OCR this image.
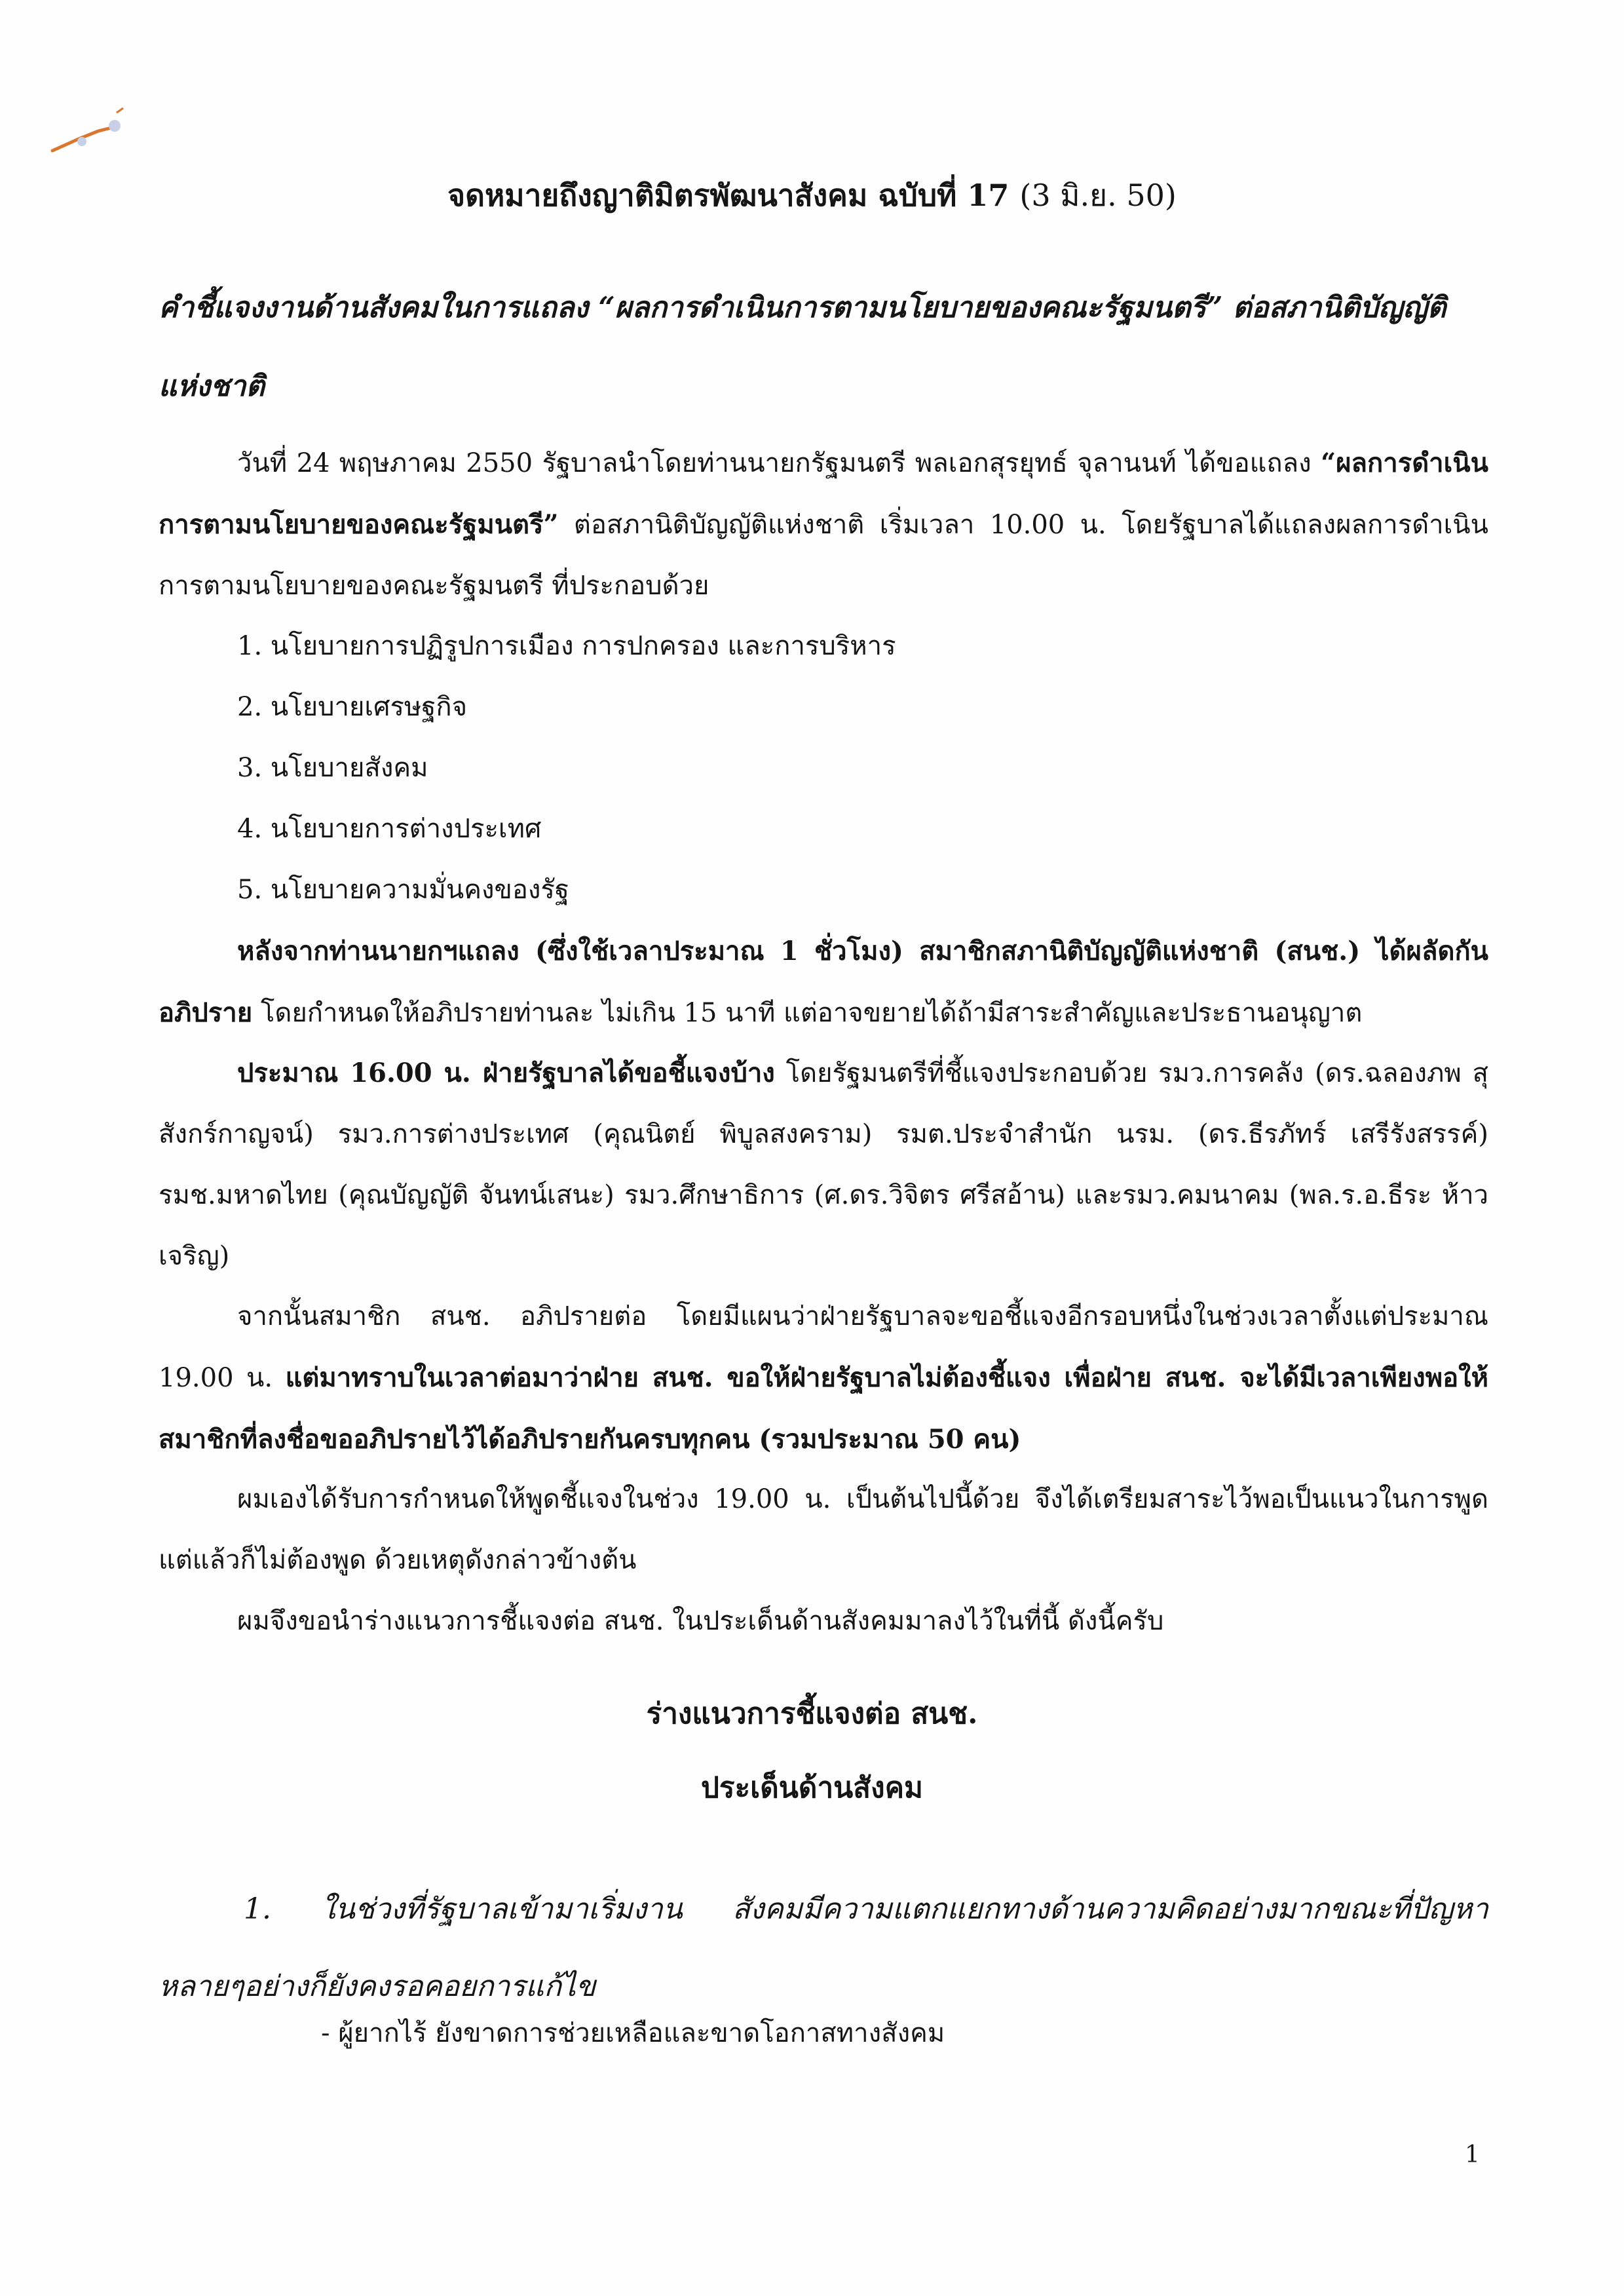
จดหมายถึงญาติมิตรพัฒนาสังคม ฉบับที่ 17 (3 มิ.ย. 50)
คำชี้แจงงานด้านสังคมในการแถลง “ผลการดำเนินการตามนโยบายของคณะรัฐมนตรี” ต่อสภานิติบัญญัติแห่งชาติ
วันที่ 24 พฤษภาคม 2550 รัฐบาลนำโดยท่านนายกรัฐมนตรี พลเอกสุรยุทธ์ จุลานนท์ ได้ขอแถลง “ผลการดำเนินการตามนโยบายของคณะรัฐมนตรี” ต่อสภานิติบัญญัติแห่งชาติ เริ่มเวลา 10.00 น. โดยรัฐบาลได้แถลงผลการดำเนินการตามนโยบายของคณะรัฐมนตรี ที่ประกอบด้วย
1. นโยบายการปฏิรูปการเมือง การปกครอง และการบริหาร
2. นโยบายเศรษฐกิจ
3. นโยบายสังคม
4. นโยบายการต่างประเทศ
5. นโยบายความมั่นคงของรัฐ
หลังจากท่านนายกฯแถลง (ซึ่งใช้เวลาประมาณ 1 ชั่วโมง) สมาชิกสภานิติบัญญัติแห่งชาติ (สนช.) ได้ผลัดกันอภิปราย โดยกำหนดให้อภิปรายท่านละ ไม่เกิน 15 นาที แต่อาจขยายได้ถ้ามีสาระสำคัญและประธานอนุญาต
ประมาณ 16.00 น. ฝ่ายรัฐบาลได้ขอชี้แจงบ้าง โดยรัฐมนตรีที่ชี้แจงประกอบด้วย รมว.การคลัง (ดร.ฉลองภพ สุสังกร์กาญจน์) รมว.การต่างประเทศ (คุณนิตย์ พิบูลสงคราม) รมต.ประจำสำนัก นรม. (ดร.ธีรภัทร์ เสรีรังสรรค์) รมช.มหาดไทย (คุณบัญญัติ จันทน์เสนะ) รมว.ศึกษาธิการ (ศ.ดร.วิจิตร ศรีสอ้าน) และรมว.คมนาคม (พล.ร.อ.ธีระ ห้าวเจริญ)
จากนั้นสมาชิก สนช. อภิปรายต่อ โดยมีแผนว่าฝ่ายรัฐบาลจะขอชี้แจงอีกรอบหนึ่งในช่วงเวลาตั้งแต่ประมาณ 19.00 น. แต่มาทราบในเวลาต่อมาว่าฝ่าย สนช. ขอให้ฝ่ายรัฐบาลไม่ต้องชี้แจง เพื่อฝ่าย สนช. จะได้มีเวลาเพียงพอให้สมาชิกที่ลงชื่อขออภิปรายไว้ได้อภิปรายกันครบทุกคน (รวมประมาณ 50 คน)
ผมเองได้รับการกำหนดให้พูดชี้แจงในช่วง 19.00 น. เป็นต้นไปนี้ด้วย จึงได้เตรียมสาระไว้พอเป็นแนวในการพูด แต่แล้วก็ไม่ต้องพูด ด้วยเหตุดังกล่าวข้างต้น
ผมจึงขอนำร่างแนวการชี้แจงต่อ สนช. ในประเด็นด้านสังคมมาลงไว้ในที่นี้ ดังนี้ครับ
ร่างแนวการชี้แจงต่อ สนช.
ประเด็นด้านสังคม
1. ในช่วงที่รัฐบาลเข้ามาเริ่มงาน สังคมมีความแตกแยกทางด้านความคิดอย่างมากขณะที่ปัญหาหลายๆอย่างก็ยังคงรอคอยการแก้ไข
- ผู้ยากไร้ ยังขาดการช่วยเหลือและขาดโอกาสทางสังคม
1
